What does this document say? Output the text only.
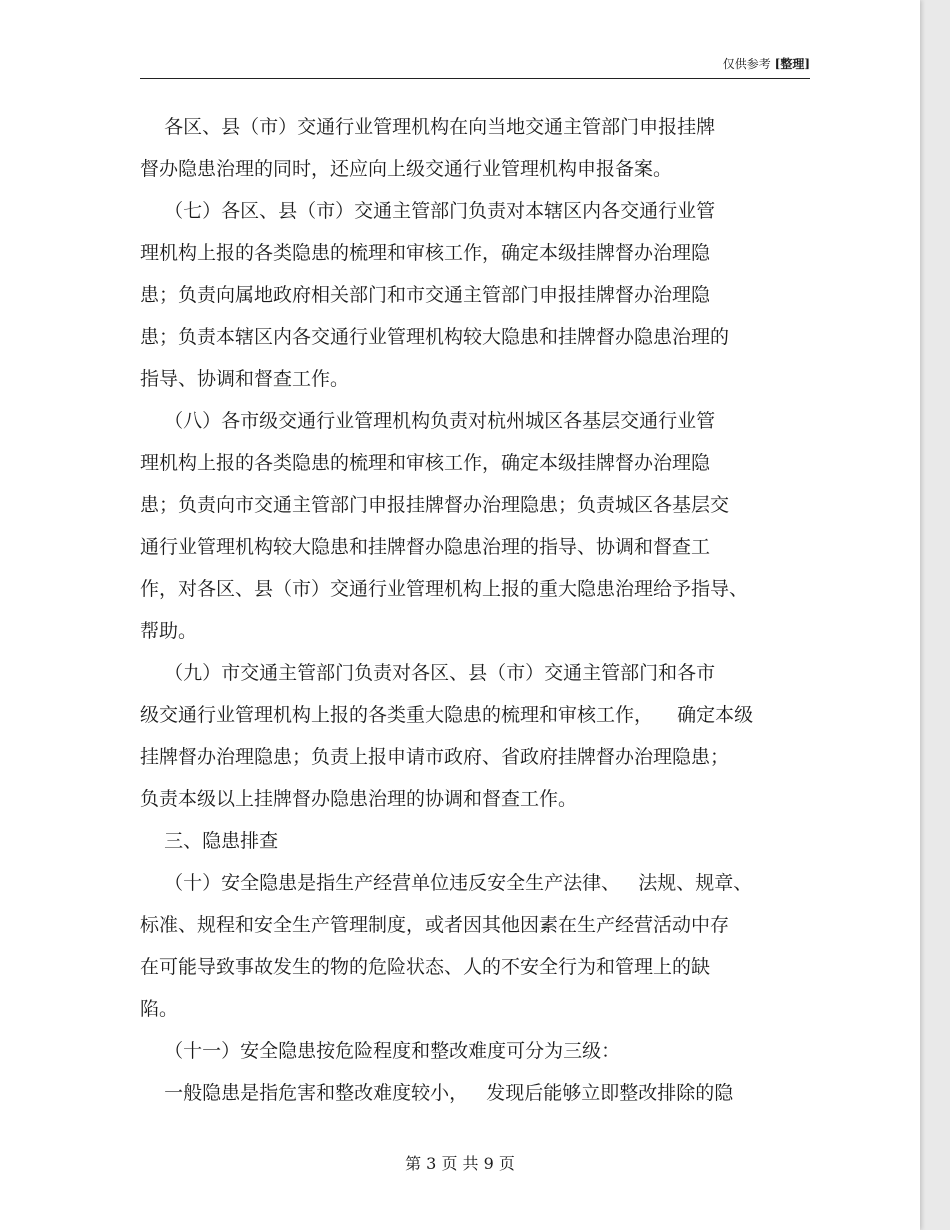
仅供参考 [整理]
各区、县（市）交通行业管理机构在向当地交通主管部门申报挂牌
督办隐患治理的同时，还应向上级交通行业管理机构申报备案。
（七）各区、县（市）交通主管部门负责对本辖区内各交通行业管
理机构上报的各类隐患的梳理和审核工作，确定本级挂牌督办治理隐
患；负责向属地政府相关部门和市交通主管部门申报挂牌督办治理隐
患；负责本辖区内各交通行业管理机构较大隐患和挂牌督办隐患治理的
指导、协调和督查工作。
（八）各市级交通行业管理机构负责对杭州城区各基层交通行业管
理机构上报的各类隐患的梳理和审核工作，确定本级挂牌督办治理隐
患；负责向市交通主管部门申报挂牌督办治理隐患；负责城区各基层交
通行业管理机构较大隐患和挂牌督办隐患治理的指导、协调和督查工
作，对各区、县（市）交通行业管理机构上报的重大隐患治理给予指导、
帮助。
（九）市交通主管部门负责对各区、县（市）交通主管部门和各市
级交通行业管理机构上报的各类重大隐患的梳理和审核工作，    确定本级
挂牌督办治理隐患；负责上报申请市政府、省政府挂牌督办治理隐患；
负责本级以上挂牌督办隐患治理的协调和督查工作。
三、隐患排查
（十）安全隐患是指生产经营单位违反安全生产法律、   法规、规章、
标准、规程和安全生产管理制度，或者因其他因素在生产经营活动中存
在可能导致事故发生的物的危险状态、人的不安全行为和管理上的缺
陷。
（十一）安全隐患按危险程度和整改难度可分为三级：
一般隐患是指危害和整改难度较小，   发现后能够立即整改排除的隐
第 3 页 共 9 页
